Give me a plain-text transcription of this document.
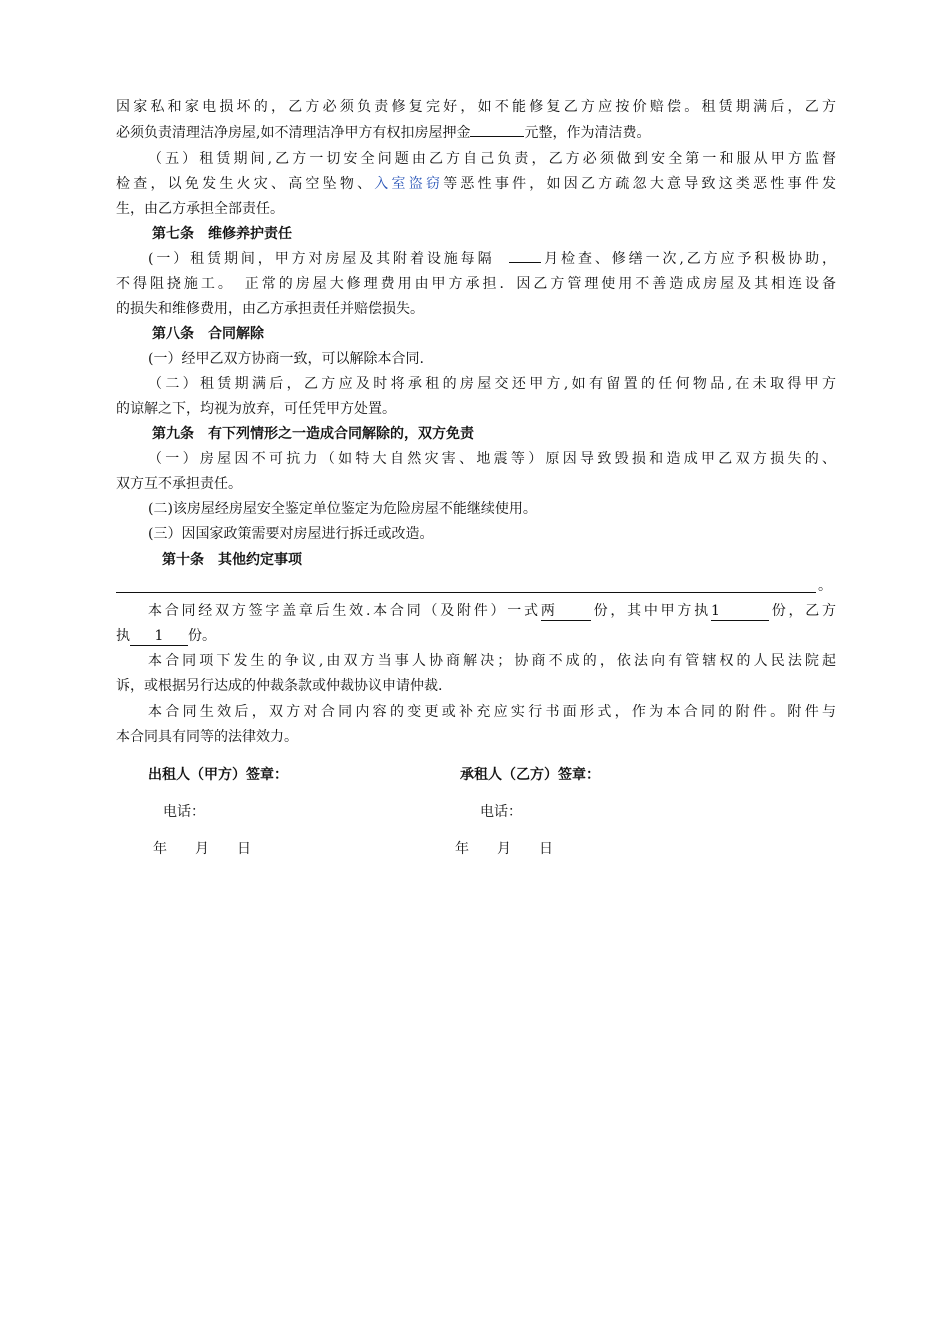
因家私和家电损坏的，乙方必须负责修复完好，如不能修复乙方应按价赔偿。租赁期满后，乙方
必须负责清理洁净房屋,如不清理洁净甲方有权扣房屋押金	元整，作为清洁费。
（五）租赁期间,乙方一切安全问题由乙方自己负责，乙方必须做到安全第一和服从甲方监督
检查，以免发生火灾、高空坠物、入室盗窃等恶性事件，如因乙方疏忽大意导致这类恶性事件发
生，由乙方承担全部责任。
第七条　维修养护责任
(一）租赁期间，甲方对房屋及其附着设施每隔	月检查、修缮一次,乙方应予积极协助，
不得阻挠施工。　正常的房屋大修理费用由甲方承担．因乙方管理使用不善造成房屋及其相连设备
的损失和维修费用，由乙方承担责任并赔偿损失。
第八条　合同解除
(一）经甲乙双方协商一致，可以解除本合同.
（二）租赁期满后，乙方应及时将承租的房屋交还甲方,如有留置的任何物品,在未取得甲方
的谅解之下，均视为放弃，可任凭甲方处置。
第九条　有下列情形之一造成合同解除的，双方免责
（一）房屋因不可抗力（如特大自然灾害、地震等）原因导致毁损和造成甲乙双方损失的、
双方互不承担责任。
(二)该房屋经房屋安全鉴定单位鉴定为危险房屋不能继续使用。
(三）因国家政策需要对房屋进行拆迁或改造。
第十条　其他约定事项
。
本合同经双方签字盖章后生效.本合同（及附件）一式两	份，其中甲方执1	份，乙方
执 1 份。
本合同项下发生的争议,由双方当事人协商解决；协商不成的，依法向有管辖权的人民法院起
诉，或根据另行达成的仲裁条款或仲裁协议申请仲裁.
本合同生效后，双方对合同内容的变更或补充应实行书面形式，作为本合同的附件。附件与
本合同具有同等的法律效力。
出租人（甲方）签章：	承租人（乙方）签章：
电话：	电话：
年　　月　　日	年　　月　　日
